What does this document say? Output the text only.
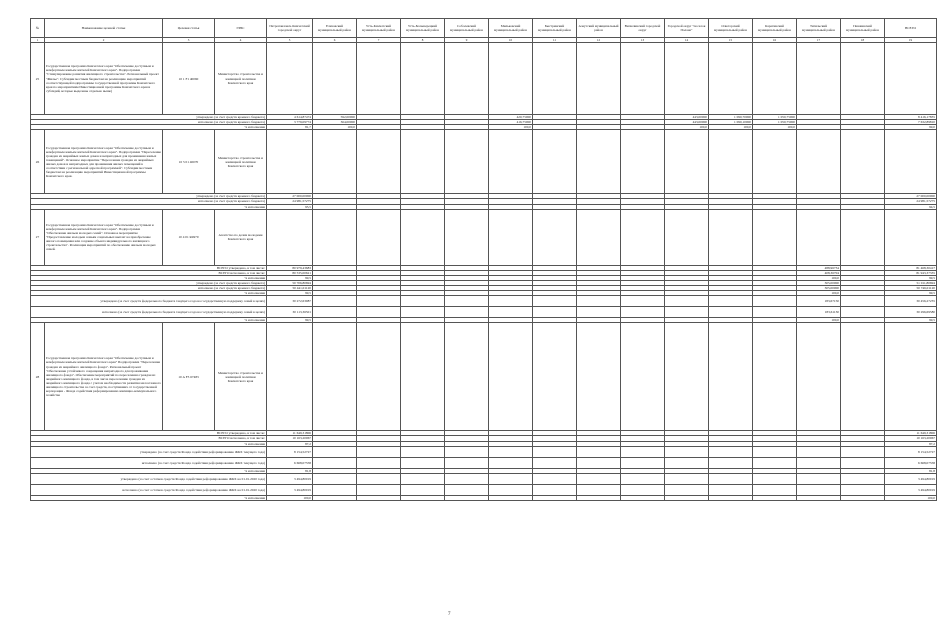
№	Наименование целевой статьи	Целевая статья	ГРБС	Петропавловск-Камчатский городской округ	Елизовский муниципальный район	Усть-Камчатский муниципальный район	Усть-Большерецкий муниципальный район	Соболевский муниципальный район	Мильковский муниципальный район	Быстринский муниципальный район	Алеутский муниципальный район	Вилючинский городской округ	Городской округ "поселок Палана"	Олюторский муниципальный район	Карагинский муниципальный район	Тигильский муниципальный район	Пенжинский муниципальный район	ВСЕГО
1	2	3	4	5	6	7	8	9	10	11	12	13	14	15	16	17	18	19
25	Государственная программа Камчатского края "Обеспечение доступным и комфортным жильем жителей Камчатского края". Подпрограмма "Стимулирование развития жилищного строительства". Региональный проект "Жилье". Субсидии местным бюджетам на реализацию мероприятий соответствующей подпрограммы государственной программы Камчатского края по мероприятиям Инвестиционной программы Камчатского края и субсидий, которые выделены отдельно выше)	10 1 F1 40060	Министерство строительства и жилищной политики Камчатского края															
утверждено (за счет средств краевого бюджета)				4 614,87474	592,00000				420,75000				443,00000	1 090,70000	1 050,75000			8 416,17835
исполнено (за счет средств краевого бюджета)				3 779,09774	364,00000				416,75000				443,00000	1 090,10000	1 050,75000			7 632,89810
% исполнения				81,7	100,0				100,0				100,0	100,0	100,0			99,0
26	Государственная программа Камчатского края "Обеспечение доступным и комфортным жильем жителей Камчатского края". Подпрограмма "Переселение граждан из аварийных жилых домов и непригодных для проживания жилых помещений". Основное мероприятие "Переселение граждан из аварийных жилых домов и непригодных для проживания жилых помещений в соответствии с региональной адресной программой". Субсидии местным бюджетам на реализацию мероприятий Инвестиционной программы Камчатского края.	10 5 01 40070	Министерство строительства и жилищной политики Камчатского края															
утверждено (за счет средств краевого бюджета)				27 000,00000														27 000,00000
исполнено (за счет средств краевого бюджета)				24 981,57275														24 981,57275
% исполнения				93,5														94,5
27	Государственная программа Камчатского края "Обеспечение доступным и комфортным жильем жителей Камчатского края". Подпрограмма "Обеспечение жильем молодых семей". Основное мероприятие "Предоставление молодым семьям социальных выплат на приобретение жилого помещения или создание объекта индивидуального жилищного строительства". Реализация мероприятий по обеспечению жильем молодых семей.	10 4 01 R4970	Агентство по делам молодежи Камчатского края															
ВСЕГО утверждено, в том числе:				80 979,43683												488,96734		81 468,30417
ВСЕГО исполнено, в том числе:				80 535,00621												408,36704		81 943,37335
% исполнения				99,5												100,0		99,5
утверждено (за счет средств краевого бюджета)				50 706,80694												305,00000		51 011,80694
исполнено (за счет средств краевого бюджета)				50 441,01120												305,00000		50 746,01120
% исполнения				99,5												100,0		99,5
утверждено (за счет средств федерального бюджета текущего года на государственную поддержку семей в целях)				30 272,63087												183,67150		30 456,27235
исполнено (за счет средств федерального бюджета текущего года на государственную поддержку семей в целях)				30 113,36501												183,61130		30 296,69580
% исполнения				99,5												100,0		99,5
28	Государственная программа Камчатского края "Обеспечение доступным и комфортным жильем жителей Камчатского края" Подпрограмма "Переселение граждан из аварийного жилищного фонда". Региональный проект "Обеспечение устойчивого сокращения непригодного для проживания жилищного фонда". Обеспечение мероприятий по переселению граждан из аварийного жилищного фонда, в том числе переселению граждан из аварийного жилищного фонда с учетом необходимости развития малоэтажного жилищного строительства за счет средств, поступивших от государственной корпорации - Фонда содействия реформированию жилищно-коммунального хозяйства	10 А F3 67483	Министерство строительства и жилищной политики Камчатского края															
ВСЕГО утверждено, в том числе:				11 649,31806														11 649,31806
ВСЕГО исполнено, в том числе:				10 163,20067														10 163,20067
% исполнения				87,2														87,2
утверждено (за счет средств Фонда содействия реформированию ЖКХ текущего года)				8 154,52727														8 154,52727
исполнено (за счет средств Фонда содействия реформированию ЖКХ текущего года)				6 668,07558														6 668,07558
% исполнения				81,8														81,8
утверждено (за счет остатков средств Фонда содействия реформированию ЖКХ на 01.01.2020 года)				3 494,80019														3 494,80019
исполнено (за счет остатков средств Фонда содействия реформированию ЖКХ на 01.01.2020 года)				3 494,80019														3 494,80019
% исполнения				100,0														100,0
7
